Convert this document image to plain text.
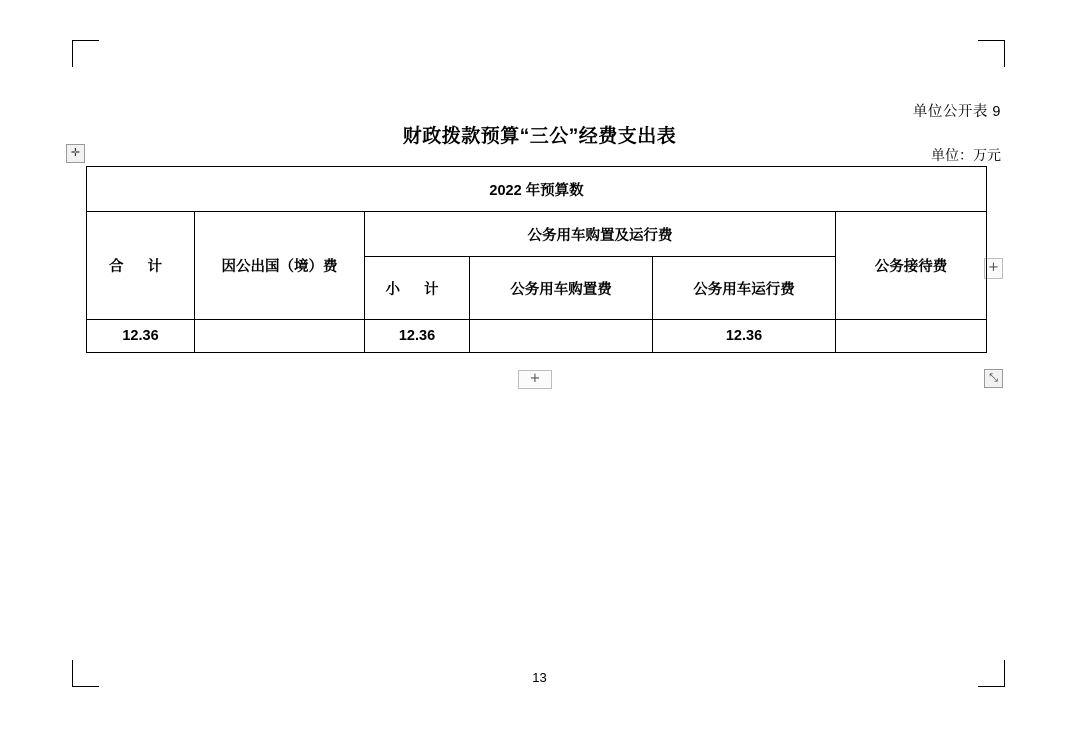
单位公开表 9
财政拨款预算“三公”经费支出表
单位：万元
✛
+
+	⤡
2022 年预算数					
合 计	因公出国（境）费	公务用车购置及运行费			公务接待费
		小 计	公务用车购置费	公务用车运行费	
12.36		12.36		12.36	
13
